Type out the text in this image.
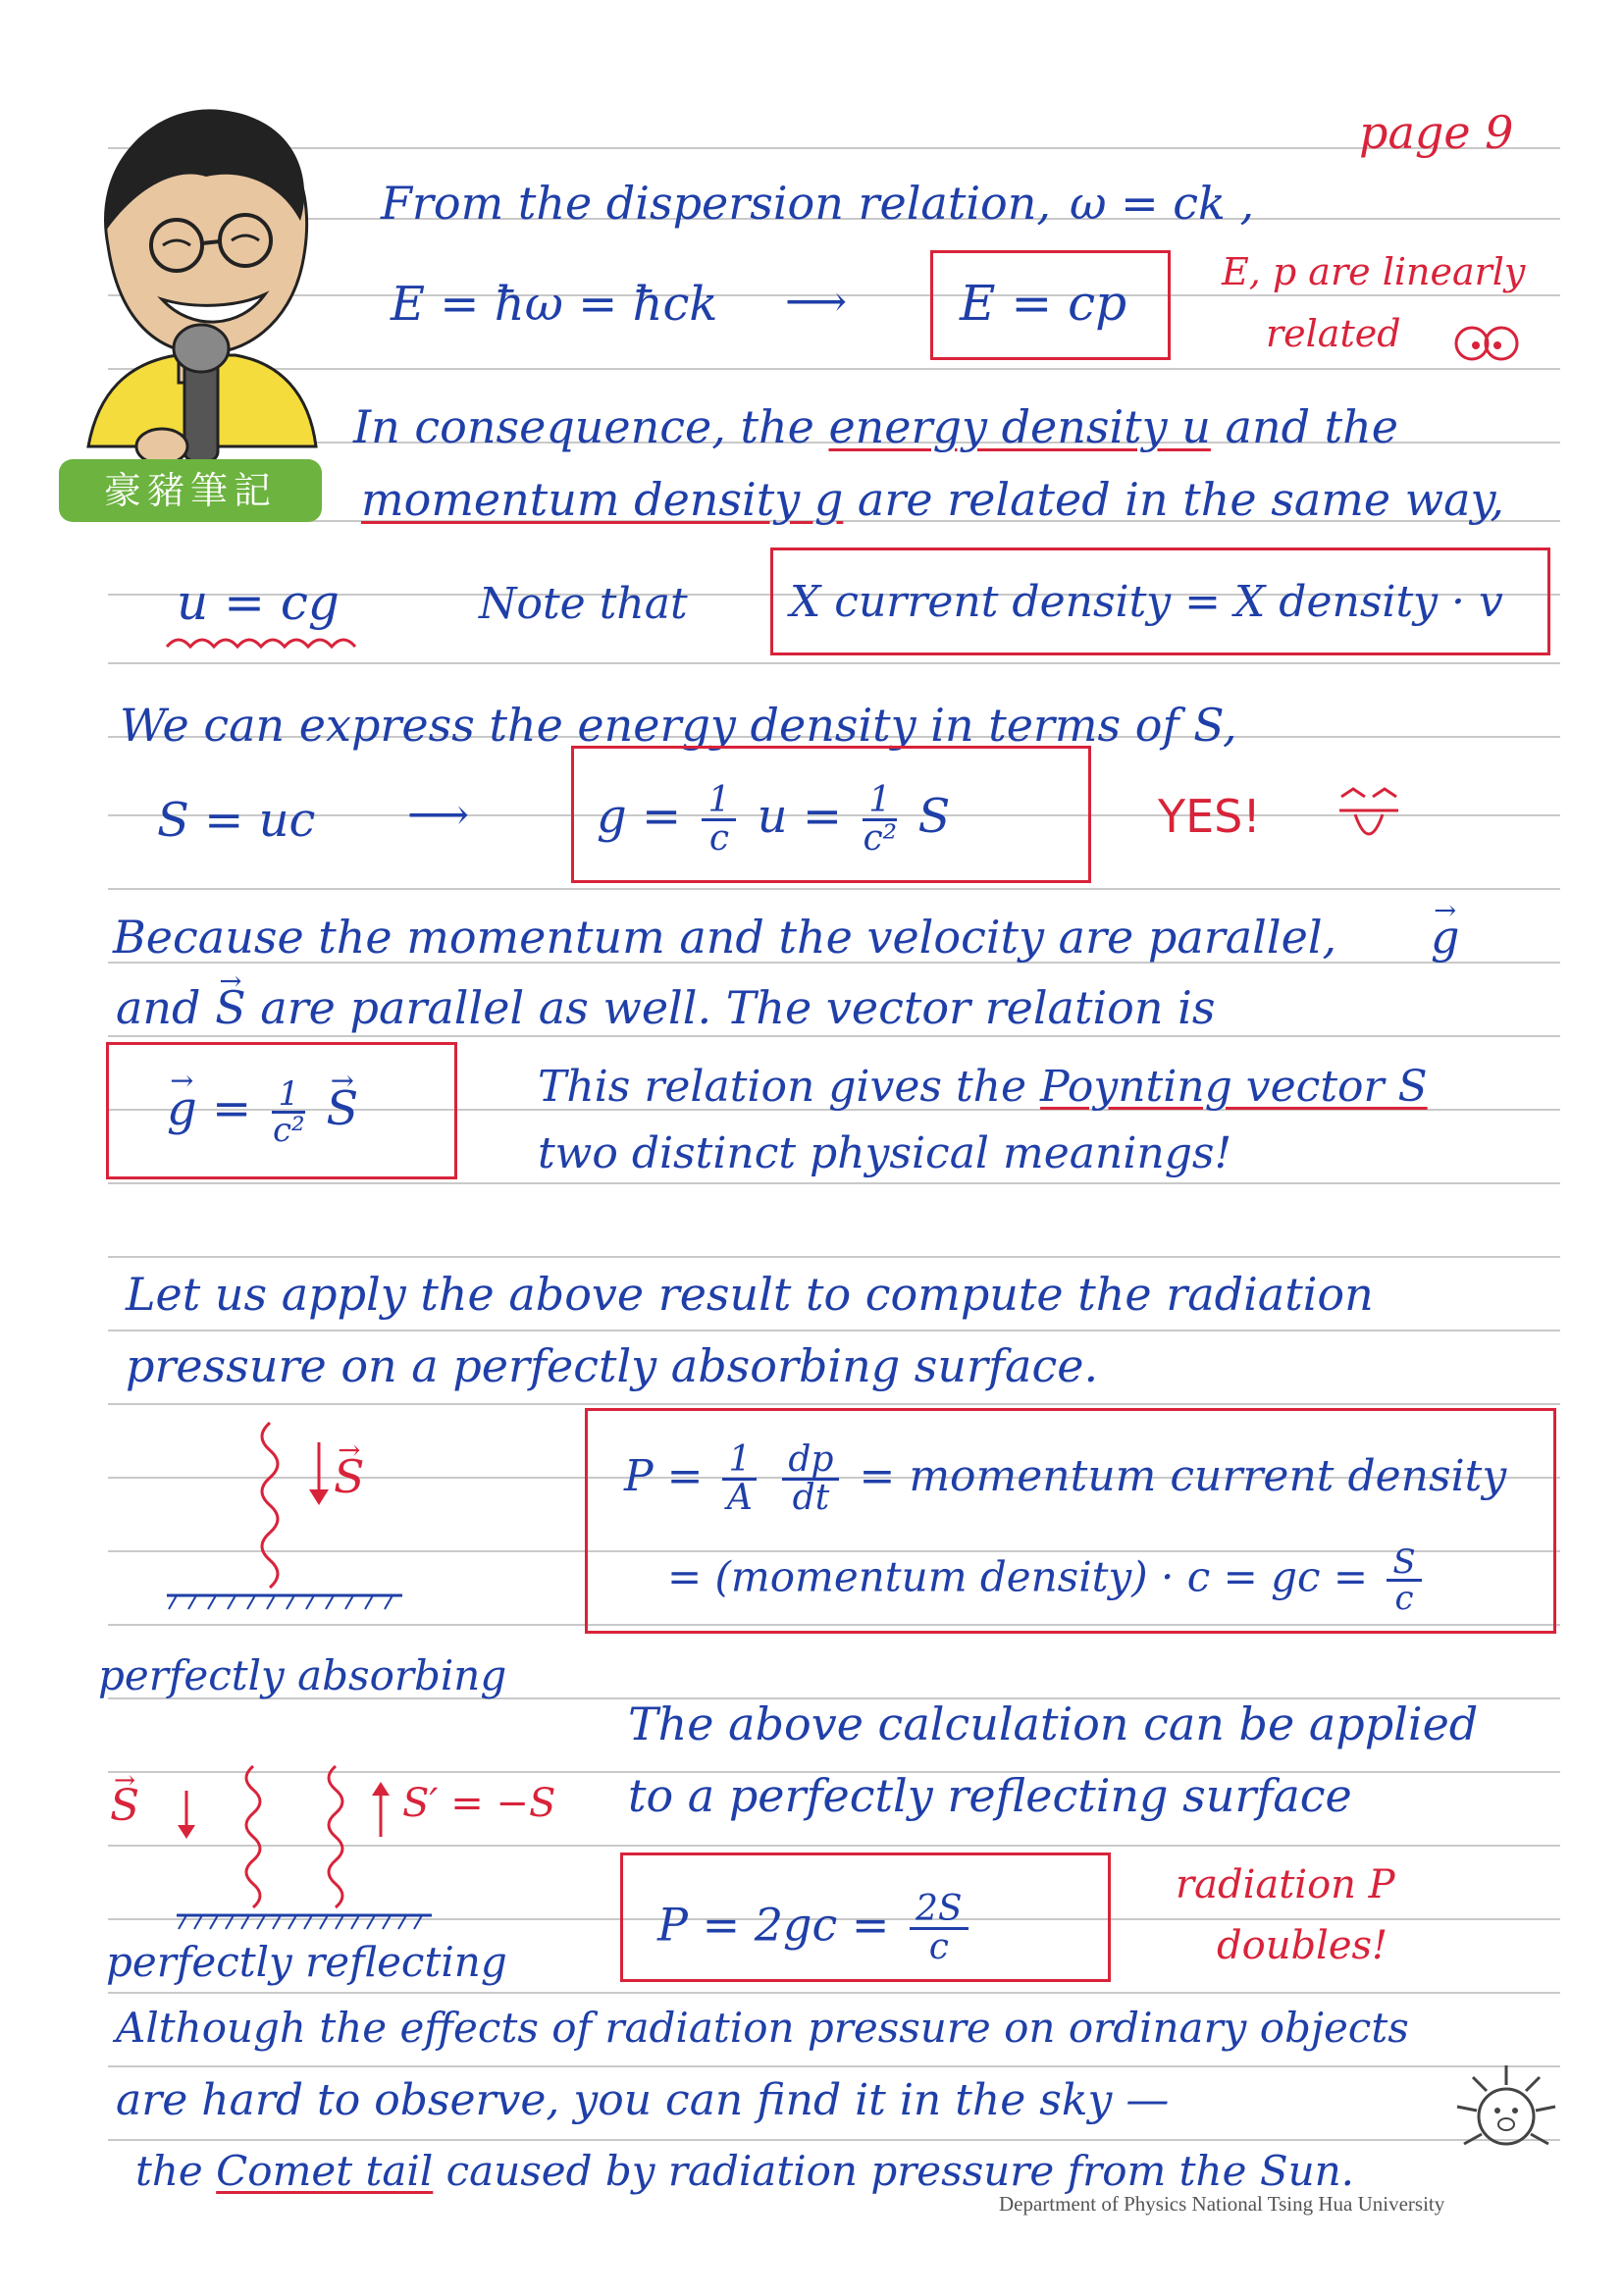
page 9
豪豬筆記
From the dispersion relation, ω = ck ,
E = ħω = ħck ⟶ E = cp
E, p are linearly
related
In consequence, the energy density u and the
momentum density g are related in the same way,
u = cg	Note that X current density = X density · v
We can express the energy density in terms of S,
S = uc ⟶	$g = \frac{1}{c}$ $u = \frac{1}{\text{c²}}$ S	YES!
Because the momentum and the velocity are parallel,
→ g
and → S are parallel as well. The vector relation is
→ $g = \frac{1}{\text{c²}}$
→ S	This relation gives the Poynting vector S
two distinct physical meanings!
Let us apply the above result to compute the radiation
pressure on a perfectly absorbing surface.
→ S
perfectly absorbing
$P = \frac{1}{A}$
$\frac{dp}{dt}$ = momentum current density
= (momentum density) · c = gc = $\frac{S}{c}$
The above calculation can be applied
to a perfectly reflecting surface
→ S	S′ = −S
perfectly reflecting
$P = 2gc = \frac{2S}{c}$
radiation P
doubles!
Although the effects of radiation pressure on ordinary objects
are hard to observe, you can find it in the sky —
the Comet tail caused by radiation pressure from the Sun.
Department of Physics National Tsing Hua University
